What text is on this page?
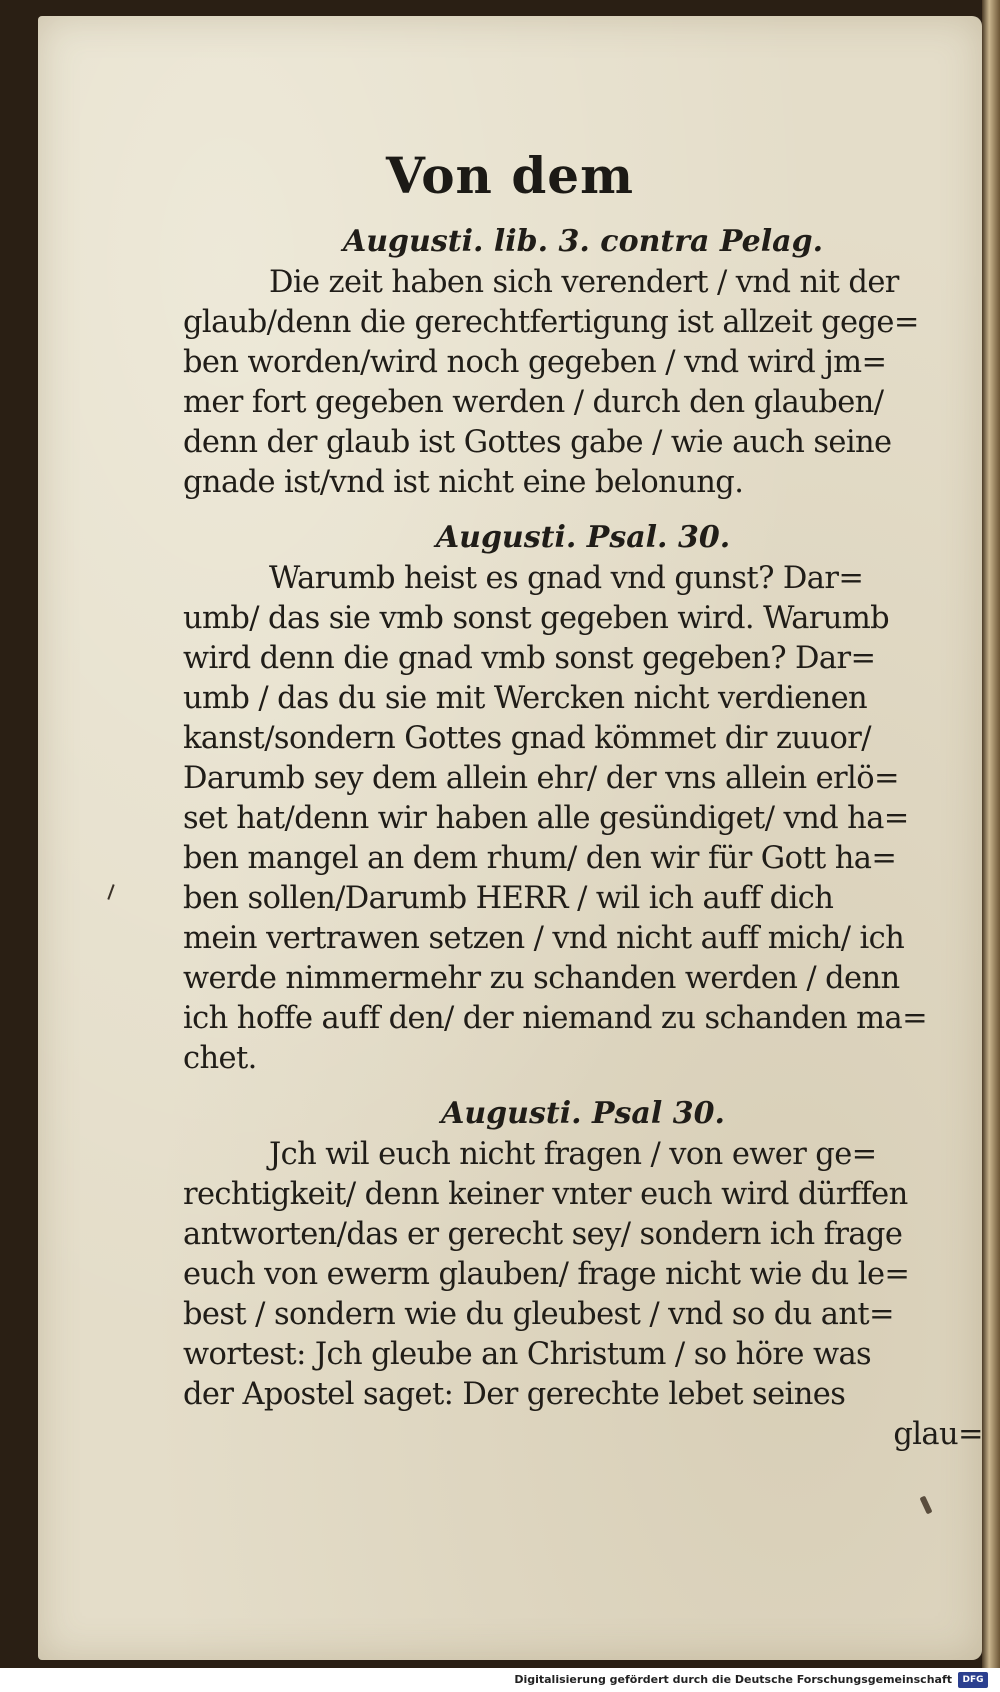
Von dem
Augusti. lib. 3. contra Pelag.
Die zeit haben sich verendert / vnd nit der
glaub/denn die gerechtfertigung ist allzeit gege=
ben worden/wird noch gegeben / vnd wird jm=
mer fort gegeben werden / durch den glauben/
denn der glaub ist Gottes gabe / wie auch seine
gnade ist/vnd ist nicht eine belonung.
Augusti. Psal. 30.
Warumb heist es gnad vnd gunst? Dar=
umb/ das sie vmb sonst gegeben wird. Warumb
wird denn die gnad vmb sonst gegeben? Dar=
umb / das du sie mit Wercken nicht verdienen
kanst/sondern Gottes gnad kömmet dir zuuor/
Darumb sey dem allein ehr/ der vns allein erlö=
set hat/denn wir haben alle gesündiget/ vnd ha=
ben mangel an dem rhum/ den wir für Gott ha=
ben sollen/Darumb HERR / wil ich auff dich
mein vertrawen setzen / vnd nicht auff mich/ ich
werde nimmermehr zu schanden werden / denn
ich hoffe auff den/ der niemand zu schanden ma=
chet.
Augusti. Psal 30.
Jch wil euch nicht fragen / von ewer ge=
rechtigkeit/ denn keiner vnter euch wird dürffen
antworten/das er gerecht sey/ sondern ich frage
euch von ewerm glauben/ frage nicht wie du le=
best / sondern wie du gleubest / vnd so du ant=
wortest: Jch gleube an Christum / so höre was
der Apostel saget: Der gerechte lebet seines
glau=
Digitalisierung gefördert durch die Deutsche Forschungsgemeinschaft	DFG
